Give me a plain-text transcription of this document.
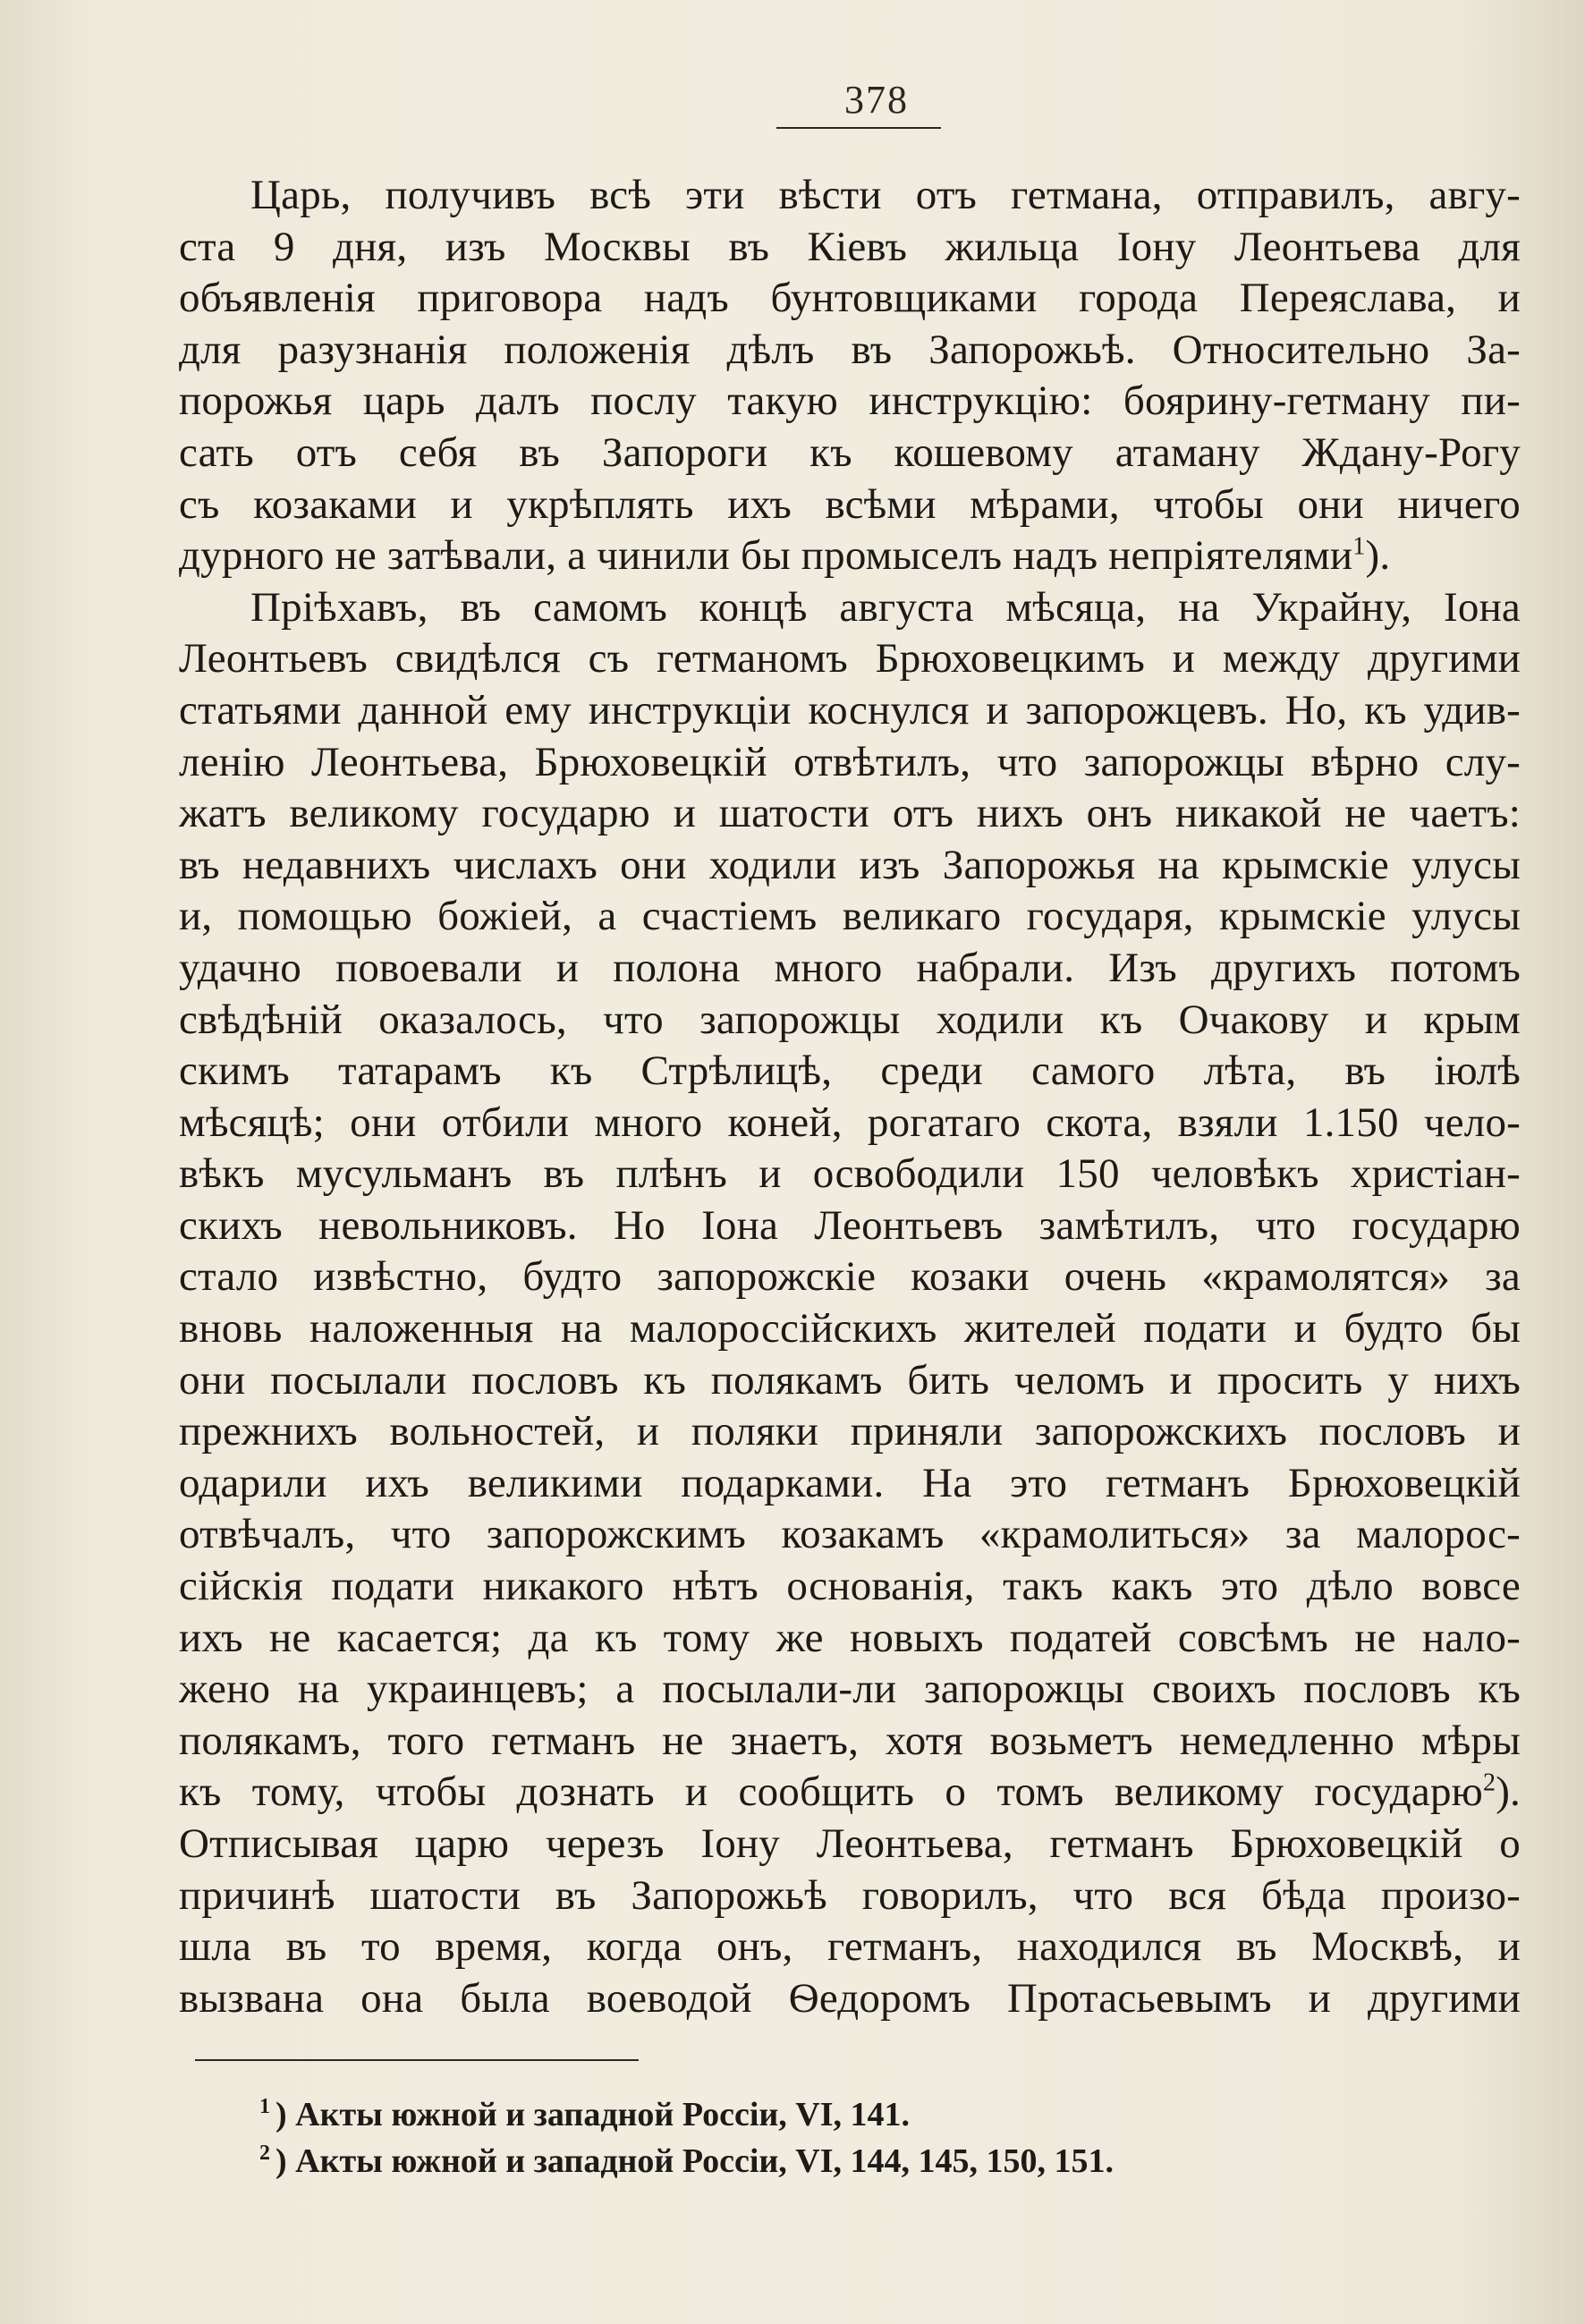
378
Царь, получивъ всѣ эти вѣсти отъ гетмана, отправилъ, авгу-
ста 9 дня, изъ Москвы въ Кіевъ жильца Іону Леонтьева для
объявленія приговора надъ бунтовщиками города Переяслава, и
для разузнанія положенія дѣлъ въ Запорожьѣ. Относительно За-
порожья царь далъ послу такую инструкцію: боярину-гетману пи-
сать отъ себя въ Запороги къ кошевому атаману Ждану-Рогу
съ козаками и укрѣплять ихъ всѣми мѣрами, чтобы они ничего
дурного не затѣвали, а чинили бы промыселъ надъ непріятелями$^1$).
Пріѣхавъ, въ самомъ концѣ августа мѣсяца, на Украйну, Іона
Леонтьевъ свидѣлся съ гетманомъ Брюховецкимъ и между другими
статьями данной ему инструкціи коснулся и запорожцевъ. Но, къ удив-
ленію Леонтьева, Брюховецкій отвѣтилъ, что запорожцы вѣрно слу-
жатъ великому государю и шатости отъ нихъ онъ никакой не чаетъ:
въ недавнихъ числахъ они ходили изъ Запорожья на крымскіе улусы
и, помощью божіей, а счастіемъ великаго государя, крымскіе улусы
удачно повоевали и полона много набрали. Изъ другихъ потомъ
свѣдѣній оказалось, что запорожцы ходили къ Очакову и крым
скимъ татарамъ къ Стрѣлицѣ, среди самого лѣта, въ іюлѣ
мѣсяцѣ; они отбили много коней, рогатаго скота, взяли 1.150 чело-
вѣкъ мусульманъ въ плѣнъ и освободили 150 человѣкъ христіан-
скихъ невольниковъ. Но Іона Леонтьевъ замѣтилъ, что государю
стало извѣстно, будто запорожскіе козаки очень «крамолятся» за
вновь наложенныя на малороссійскихъ жителей подати и будто бы
они посылали пословъ къ полякамъ бить челомъ и просить у нихъ
прежнихъ вольностей, и поляки приняли запорожскихъ пословъ и
одарили ихъ великими подарками. На это гетманъ Брюховецкій
отвѣчалъ, что запорожскимъ козакамъ «крамолиться» за малорос-
сійскія подати никакого нѣтъ основанія, такъ какъ это дѣло вовсе
ихъ не касается; да къ тому же новыхъ податей совсѣмъ не нало-
жено на украинцевъ; а посылали-ли запорожцы своихъ пословъ къ
полякамъ, того гетманъ не знаетъ, хотя возьметъ немедленно мѣры
къ тому, чтобы дознать и сообщить о томъ великому государю$^2$).
Отписывая царю черезъ Іону Леонтьева, гетманъ Брюховецкій о
причинѣ шатости въ Запорожьѣ говорилъ, что вся бѣда произо-
шла въ то время, когда онъ, гетманъ, находился въ Москвѣ, и
вызвана она была воеводой Ѳедоромъ Протасьевымъ и другими
$^1$ ) Акты южной и западной Россіи, VI, 141.
$^2$ ) Акты южной и западной Россіи, VI, 144, 145, 150, 151.
